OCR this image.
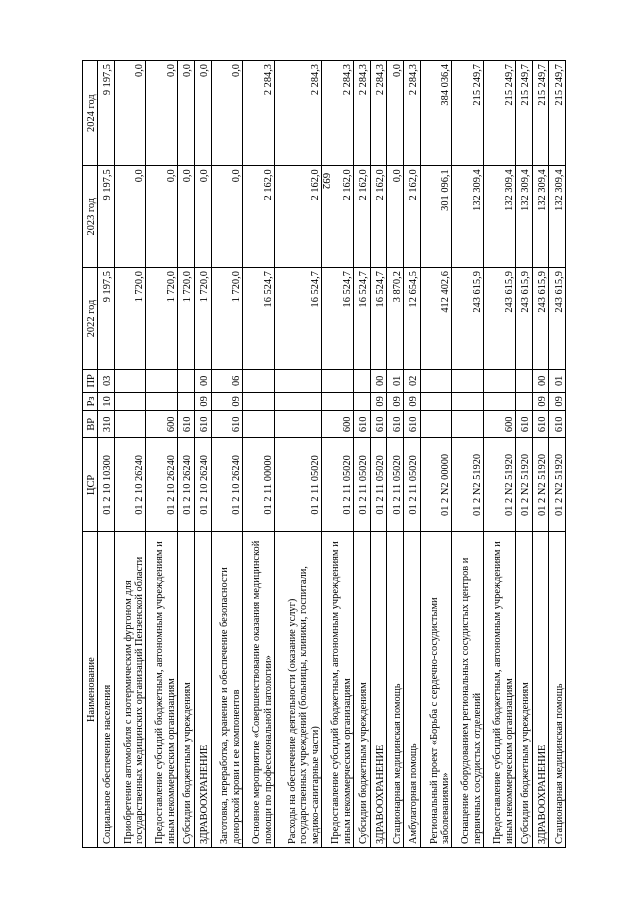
692
Наименование	ЦСР	ВР	Рз	ПР	2022 год	2023 год	2024 год
Социальное обеспечение населения	01 2 10 10300	310	10	03	9 197,5	9 197,5	9 197,5
Приобретение автомобиля с изотермическим фургоном для государственных медицинских организаций Пензенской области	01 2 10 26240				1 720,0	0,0	0,0
Предоставление субсидий бюджетным, автономным учреждениям и иным некоммерческим организациям	01 2 10 26240	600			1 720,0	0,0	0,0
Субсидии бюджетным учреждениям	01 2 10 26240	610			1 720,0	0,0	0,0
ЗДРАВООХРАНЕНИЕ	01 2 10 26240	610	09	00	1 720,0	0,0	0,0
Заготовка, переработка, хранение и обеспечение безопасности донорской крови и ее компонентов	01 2 10 26240	610	09	06	1 720,0	0,0	0,0
Основное мероприятие «Совершенствование оказания медицинской помощи по профессиональной патологии»	01 2 11 00000				16 524,7	2 162,0	2 284,3
Расходы на обеспечение деятельности (оказание услуг) государственных учреждений (больницы, клиники, госпитали, медико-санитарные части)	01 2 11 05020				16 524,7	2 162,0	2 284,3
Предоставление субсидий бюджетным, автономным учреждениям и иным некоммерческим организациям	01 2 11 05020	600			16 524,7	2 162,0	2 284,3
Субсидии бюджетным учреждениям	01 2 11 05020	610			16 524,7	2 162,0	2 284,3
ЗДРАВООХРАНЕНИЕ	01 2 11 05020	610	09	00	16 524,7	2 162,0	2 284,3
Стационарная медицинская помощь	01 2 11 05020	610	09	01	3 870,2	0,0	0,0
Амбулаторная помощь	01 2 11 05020	610	09	02	12 654,5	2 162,0	2 284,3
Региональный проект «Борьба с сердечно-сосудистыми заболеваниями»	01 2 N2 00000				412 402,6	301 096,1	384 036,4
Оснащение оборудованием региональных сосудистых центров и первичных сосудистых отделений	01 2 N2 51920				243 615,9	132 309,4	215 249,7
Предоставление субсидий бюджетным, автономным учреждениям и иным некоммерческим организациям	01 2 N2 51920	600			243 615,9	132 309,4	215 249,7
Субсидии бюджетным учреждениям	01 2 N2 51920	610			243 615,9	132 309,4	215 249,7
ЗДРАВООХРАНЕНИЕ	01 2 N2 51920	610	09	00	243 615,9	132 309,4	215 249,7
Стационарная медицинская помощь	01 2 N2 51920	610	09	01	243 615,9	132 309,4	215 249,7
